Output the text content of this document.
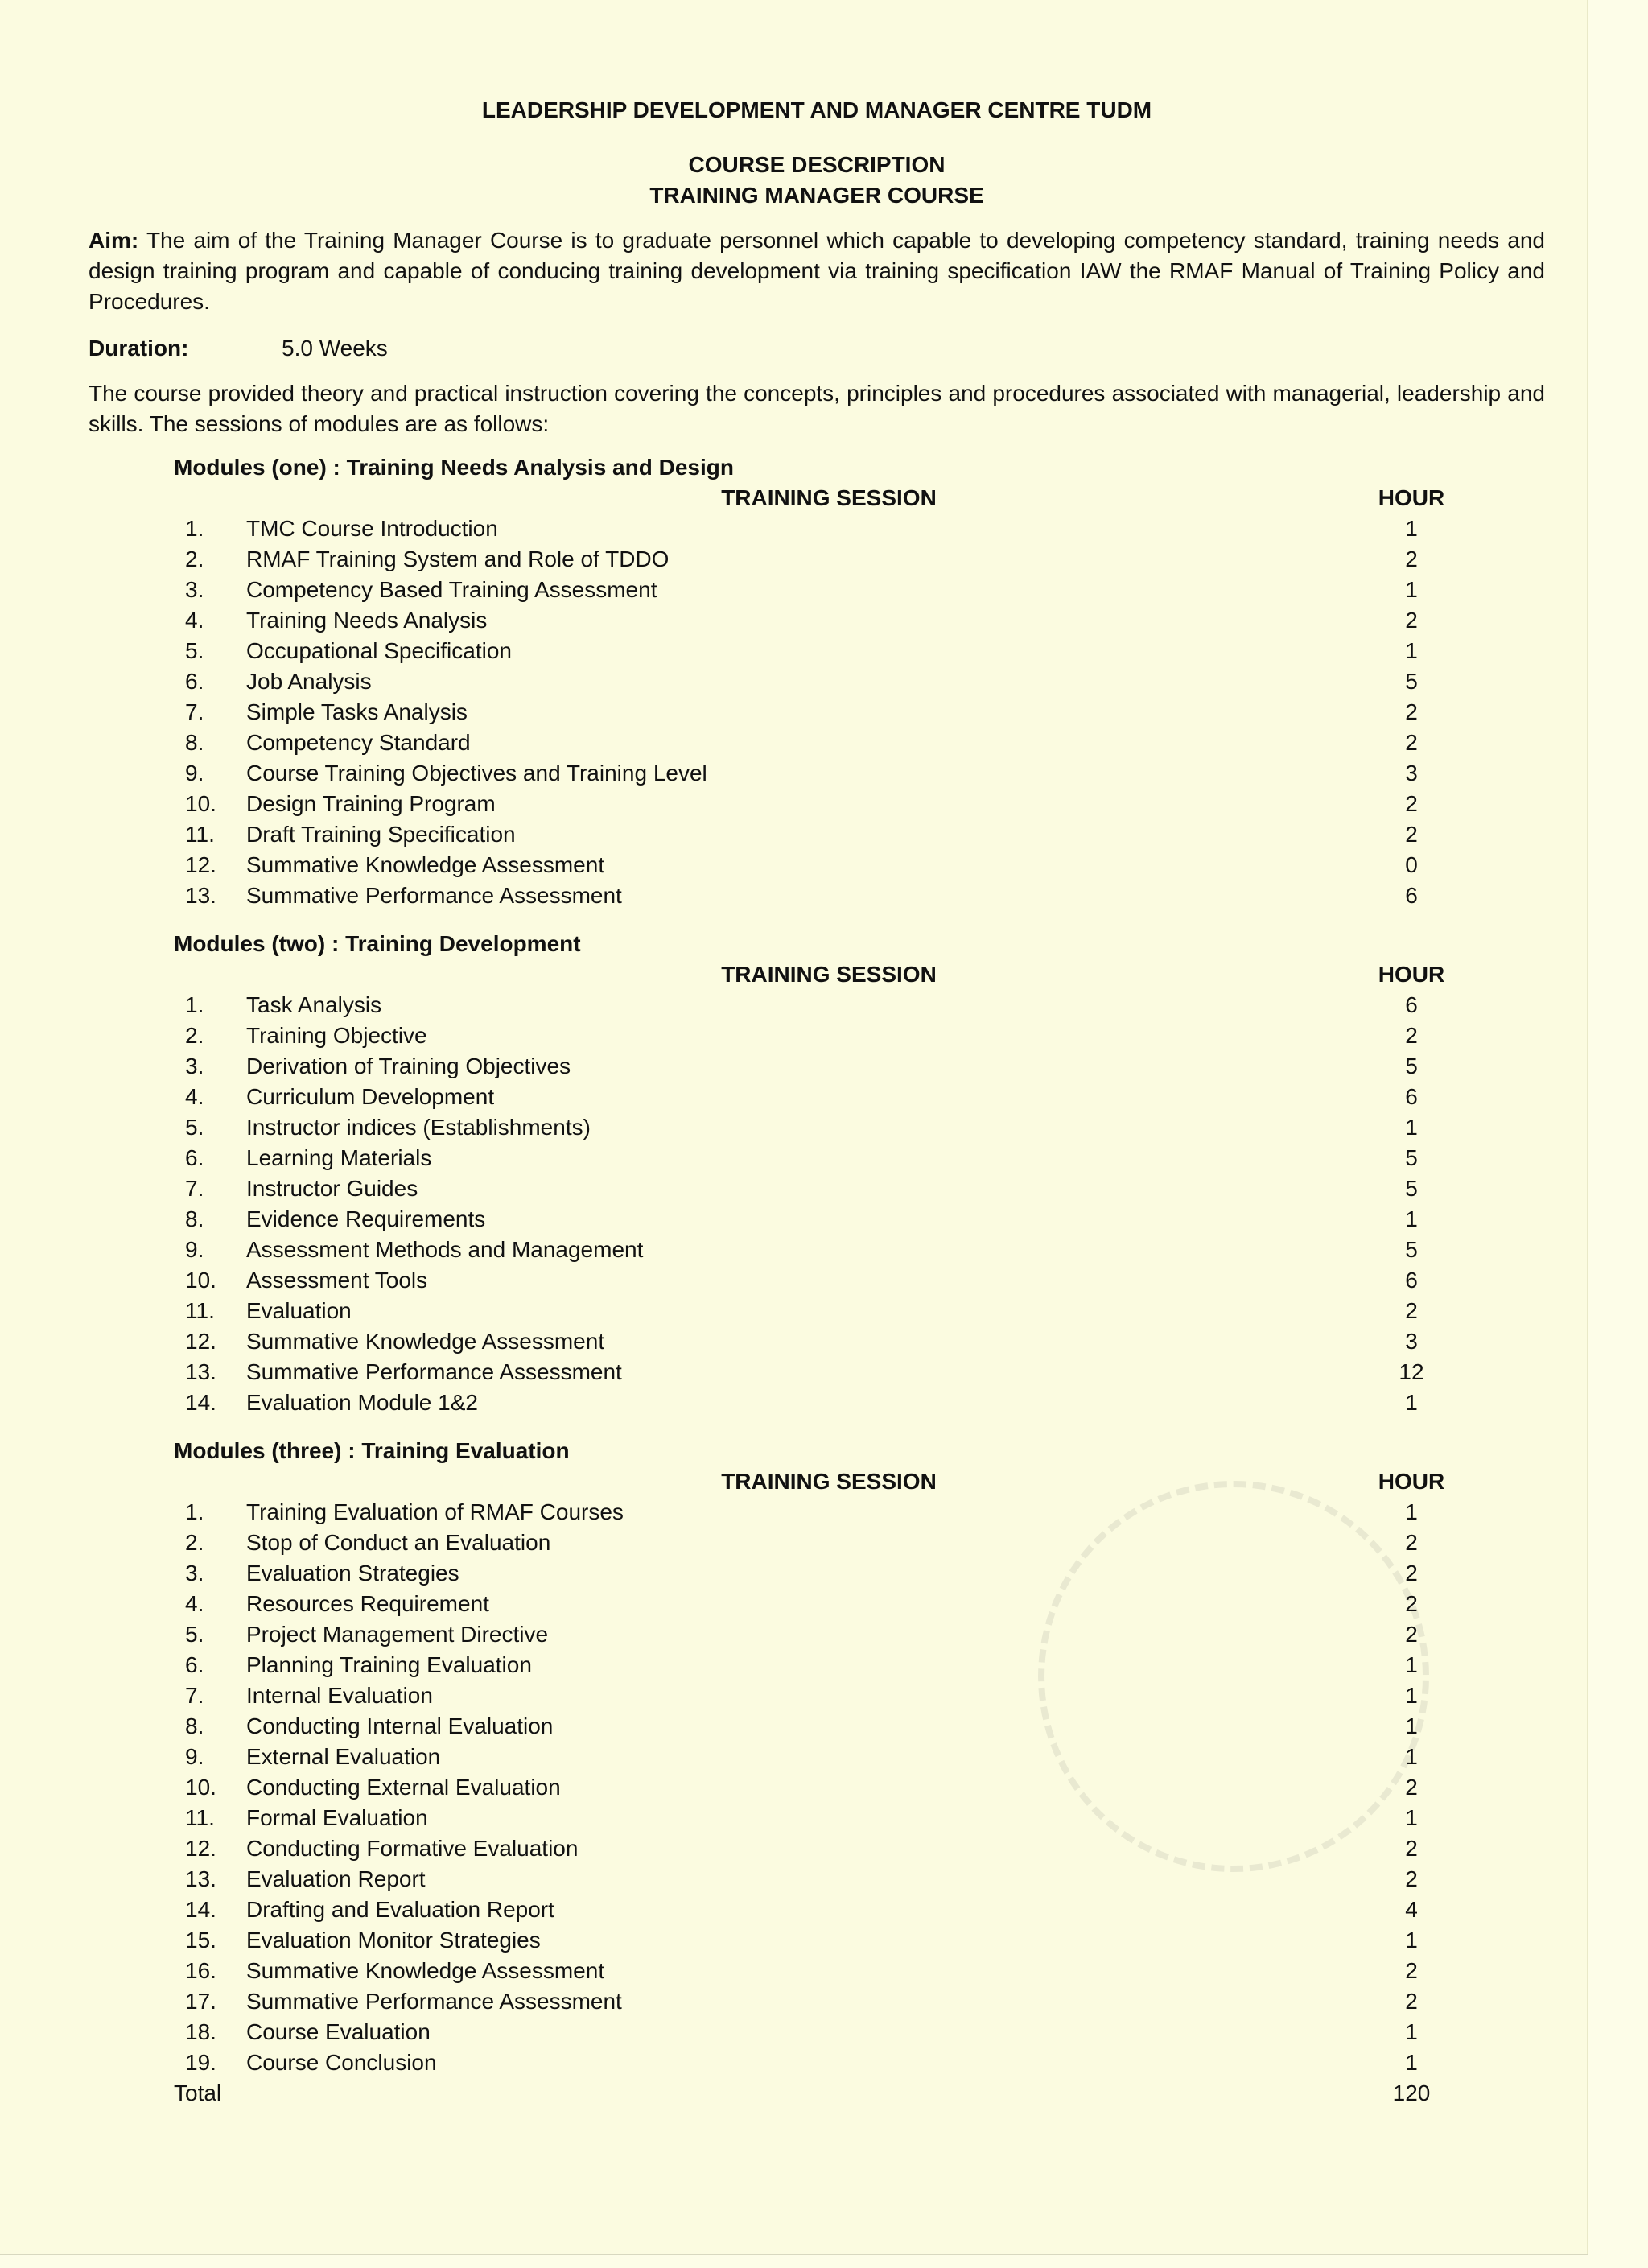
LEADERSHIP DEVELOPMENT AND MANAGER CENTRE TUDM
COURSE DESCRIPTION
TRAINING MANAGER COURSE
Aim: The aim of the Training Manager Course is to graduate personnel which capable to developing competency standard, training needs and design training program and capable of conducing training development via training specification IAW the RMAF Manual of Training Policy and Procedures.
Duration:	5.0 Weeks
The course provided theory and practical instruction covering the concepts, principles and procedures associated with managerial, leadership and skills. The sessions of modules are as follows:
Modules (one) : Training Needs Analysis and Design
TRAINING SESSION	HOUR
1.	TMC Course Introduction	1
2.	RMAF Training System and Role of TDDO	2
3.	Competency Based Training Assessment	1
4.	Training Needs Analysis	2
5.	Occupational Specification	1
6.	Job Analysis	5
7.	Simple Tasks Analysis	2
8.	Competency Standard	2
9.	Course Training Objectives and Training Level	3
10.	Design Training Program	2
11.	Draft Training Specification	2
12.	Summative Knowledge Assessment	0
13.	Summative Performance Assessment	6
Modules (two) : Training Development
TRAINING SESSION	HOUR
1.	Task Analysis	6
2.	Training Objective	2
3.	Derivation of Training Objectives	5
4.	Curriculum Development	6
5.	Instructor indices (Establishments)	1
6.	Learning Materials	5
7.	Instructor Guides	5
8.	Evidence Requirements	1
9.	Assessment Methods and Management	5
10.	Assessment Tools	6
11.	Evaluation	2
12.	Summative Knowledge Assessment	3
13.	Summative Performance Assessment	12
14.	Evaluation Module 1&2	1
Modules (three) : Training Evaluation
TRAINING SESSION	HOUR
1.	Training Evaluation of RMAF Courses	1
2.	Stop of Conduct an Evaluation	2
3.	Evaluation Strategies	2
4.	Resources Requirement	2
5.	Project Management Directive	2
6.	Planning Training Evaluation	1
7.	Internal Evaluation	1
8.	Conducting Internal Evaluation	1
9.	External Evaluation	1
10.	Conducting External Evaluation	2
11.	Formal Evaluation	1
12.	Conducting Formative Evaluation	2
13.	Evaluation Report	2
14.	Drafting and Evaluation Report	4
15.	Evaluation Monitor Strategies	1
16.	Summative Knowledge Assessment	2
17.	Summative Performance Assessment	2
18.	Course Evaluation	1
19.	Course Conclusion	1
Total	120
